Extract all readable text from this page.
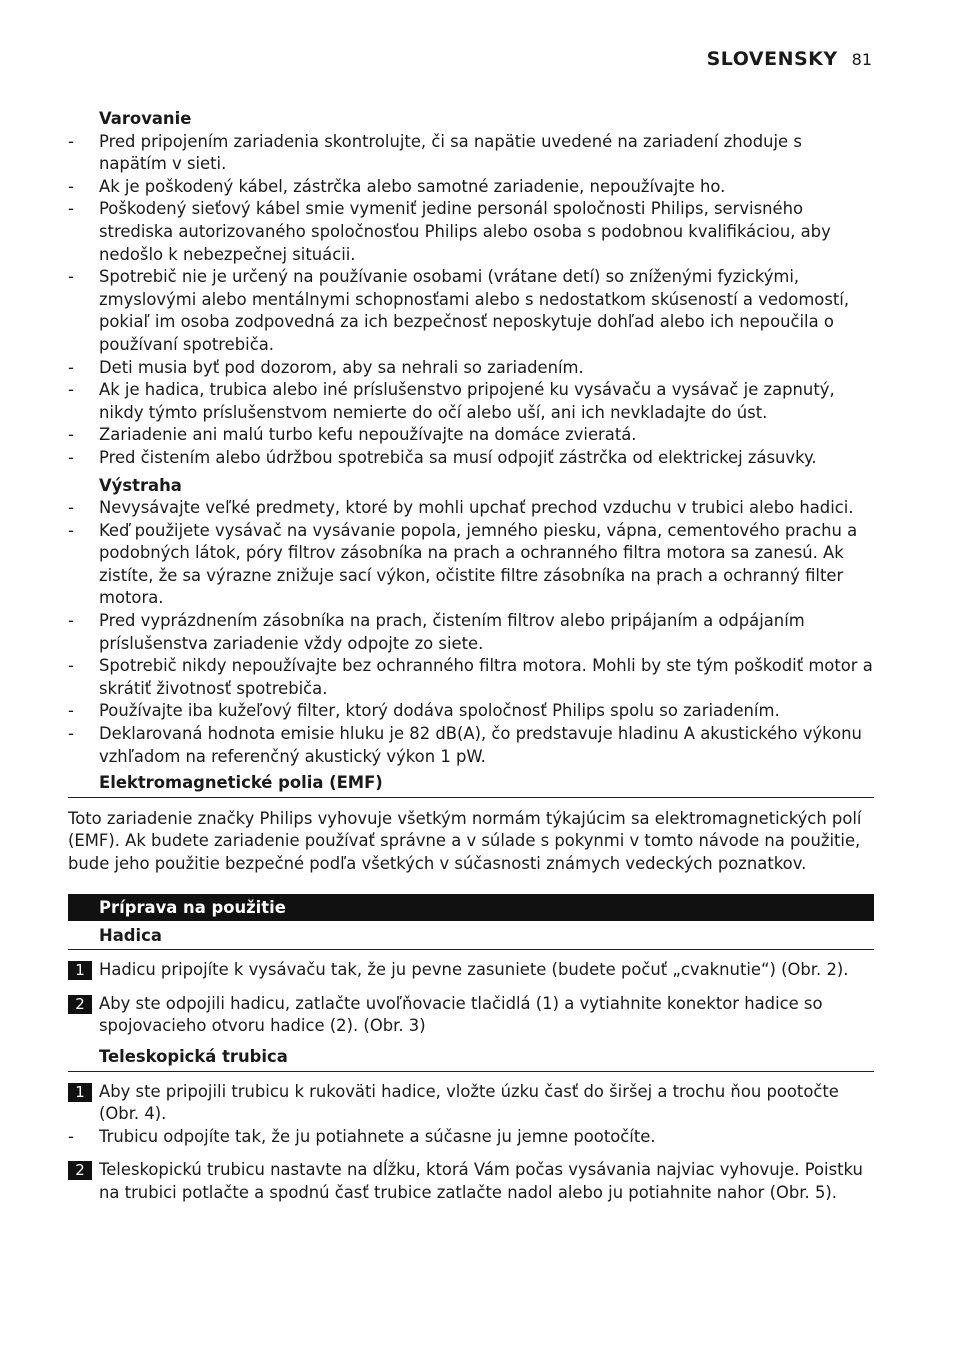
SLOVENSKY 81

Varovanie

- Pred pripojením zariadenia skontrolujte, či sa napätie uvedené na zariadení zhoduje s napätím v sieti.
- Ak je poškodený kábel, zástrčka alebo samotné zariadenie, nepoužívajte ho.
- Poškodený sieťový kábel smie vymeniť jedine personál spoločnosti Philips, servisného strediska autorizovaného spoločnosťou Philips alebo osoba s podobnou kvalifikáciou, aby nedošlo k nebezpečnej situácii.
- Spotrebič nie je určený na používanie osobami (vrátane detí) so zníženými fyzickými, zmyslovými alebo mentálnymi schopnosťami alebo s nedostatkom skúseností a vedomostí, pokiaľ im osoba zodpovedná za ich bezpečnosť neposkytuje dohľad alebo ich nepoučila o používaní spotrebiča.
- Deti musia byť pod dozorom, aby sa nehrali so zariadením.
- Ak je hadica, trubica alebo iné príslušenstvo pripojené ku vysávaču a vysávač je zapnutý, nikdy týmto príslušenstvom nemierte do očí alebo uší, ani ich nevkladajte do úst.
- Zariadenie ani malú turbo kefu nepoužívajte na domáce zvieratá.
- Pred čistením alebo údržbou spotrebiča sa musí odpojiť zástrčka od elektrickej zásuvky.

Výstraha

- Nevysávajte veľké predmety, ktoré by mohli upchať prechod vzduchu v trubici alebo hadici.
- Keď použijete vysávač na vysávanie popola, jemného piesku, vápna, cementového prachu a podobných látok, póry filtrov zásobníka na prach a ochranného filtra motora sa zanesú. Ak zistíte, že sa výrazne znižuje sací výkon, očistite filtre zásobníka na prach a ochranný filter motora.
- Pred vyprázdnením zásobníka na prach, čistením filtrov alebo pripájaním a odpájaním príslušenstva zariadenie vždy odpojte zo siete.
- Spotrebič nikdy nepoužívajte bez ochranného filtra motora. Mohli by ste tým poškodiť motor a skrátiť životnosť spotrebiča.
- Používajte iba kužeľový filter, ktorý dodáva spoločnosť Philips spolu so zariadením.
- Deklarovaná hodnota emisie hluku je 82 dB(A), čo predstavuje hladinu A akustického výkonu vzhľadom na referenčný akustický výkon 1 pW.
Elektromagnetické polia (EMF)
Toto zariadenie značky Philips vyhovuje všetkým normám týkajúcim sa elektromagnetických polí (EMF). Ak budete zariadenie používať správne a v súlade s pokynmi v tomto návode na použitie, bude jeho použitie bezpečné podľa všetkých v súčasnosti známych vedeckých poznatkov.
Príprava na použitie
Hadica
1 Hadicu pripojíte k vysávaču tak, že ju pevne zasuniete (budete počuť „cvaknutie“) (Obr. 2).
2 Aby ste odpojili hadicu, zatlačte uvoľňovacie tlačidlá (1) a vytiahnite konektor hadice so spojovacieho otvoru hadice (2). (Obr. 3)
Teleskopická trubica
1 Aby ste pripojili trubicu k rukoväti hadice, vložte úzku časť do širšej a trochu ňou pootočte (Obr. 4).
- Trubicu odpojíte tak, že ju potiahnete a súčasne ju jemne pootočíte.
2 Teleskopickú trubicu nastavte na dĺžku, ktorá Vám počas vysávania najviac vyhovuje. Poistku na trubici potlačte a spodnú časť trubice zatlačte nadol alebo ju potiahnite nahor (Obr. 5).
